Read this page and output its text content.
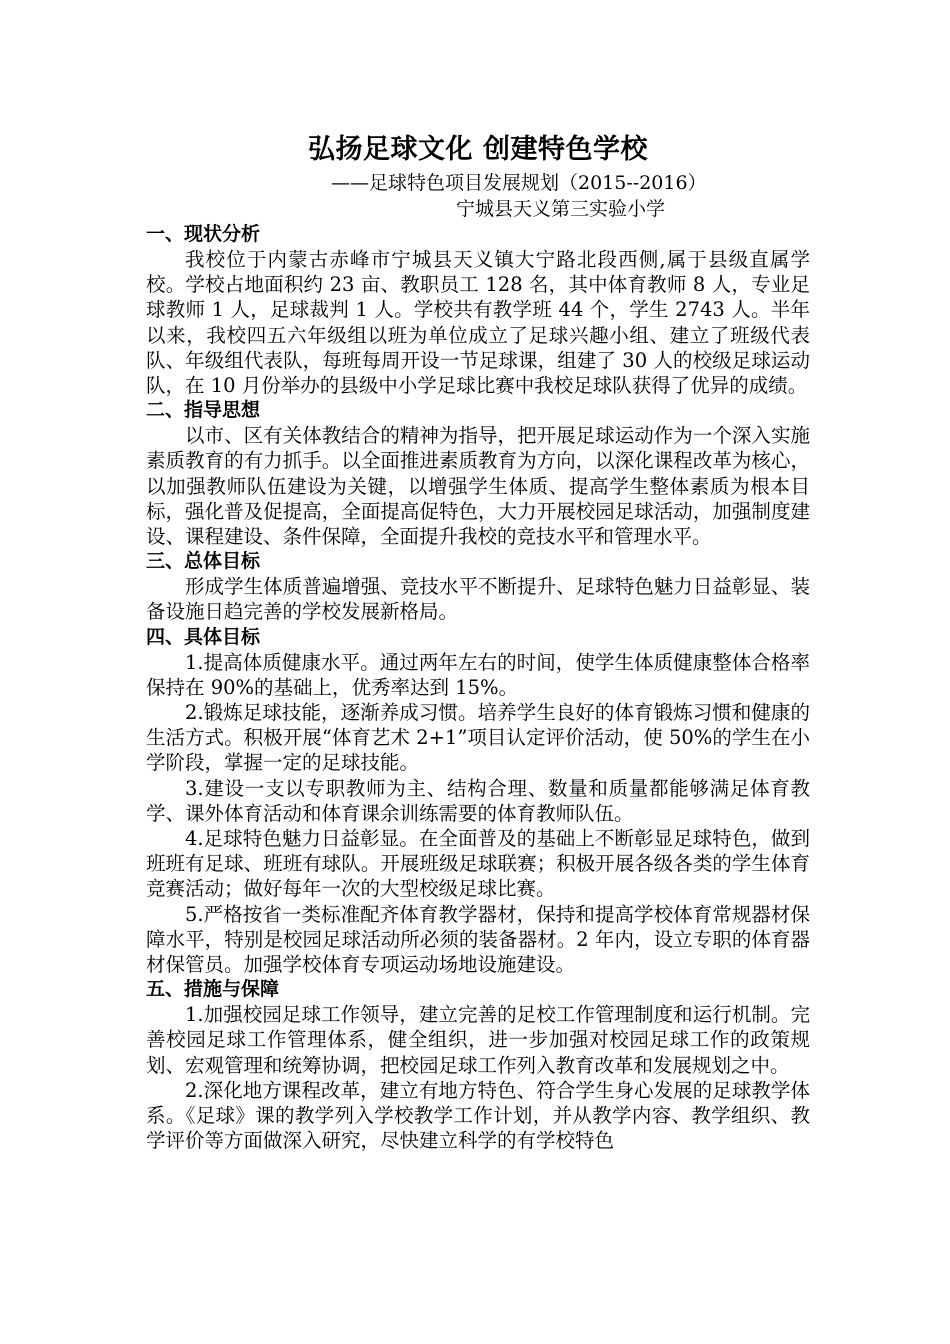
弘扬足球文化 创建特色学校

——足球特色项目发展规划（2015--2016）

宁城县天义第三实验小学

一、现状分析

我校位于内蒙古赤峰市宁城县天义镇大宁路北段西侧,属于县级直属学校。学校占地面积约 23 亩、教职员工 128 名，其中体育教师 8 人，专业足球教师 1 人，足球裁判 1 人。学校共有教学班 44 个，学生 2743 人。半年以来，我校四五六年级组以班为单位成立了足球兴趣小组、建立了班级代表队、年级组代表队，每班每周开设一节足球课，组建了 30 人的校级足球运动队，在 10 月份举办的县级中小学足球比赛中我校足球队获得了优异的成绩。

二、指导思想

以市、区有关体教结合的精神为指导，把开展足球运动作为一个深入实施素质教育的有力抓手。以全面推进素质教育为方向，以深化课程改革为核心，以加强教师队伍建设为关键，以增强学生体质、提高学生整体素质为根本目标，强化普及促提高，全面提高促特色，大力开展校园足球活动，加强制度建设、课程建设、条件保障，全面提升我校的竞技水平和管理水平。

三、总体目标

形成学生体质普遍增强、竞技水平不断提升、足球特色魅力日益彰显、装备设施日趋完善的学校发展新格局。

四、具体目标

1.提高体质健康水平。通过两年左右的时间，使学生体质健康整体合格率保持在 90%的基础上，优秀率达到 15%。

2.锻炼足球技能，逐渐养成习惯。培养学生良好的体育锻炼习惯和健康的生活方式。积极开展“体育艺术 2+1”项目认定评价活动，使 50%的学生在小学阶段，掌握一定的足球技能。

3.建设一支以专职教师为主、结构合理、数量和质量都能够满足体育教学、课外体育活动和体育课余训练需要的体育教师队伍。

4.足球特色魅力日益彰显。在全面普及的基础上不断彰显足球特色，做到班班有足球、班班有球队。开展班级足球联赛；积极开展各级各类的学生体育竞赛活动；做好每年一次的大型校级足球比赛。

5.严格按省一类标准配齐体育教学器材，保持和提高学校体育常规器材保障水平，特别是校园足球活动所必须的装备器材。2 年内，设立专职的体育器材保管员。加强学校体育专项运动场地设施建设。

五、措施与保障

1.加强校园足球工作领导，建立完善的足校工作管理制度和运行机制。完善校园足球工作管理体系，健全组织，进一步加强对校园足球工作的政策规划、宏观管理和统筹协调，把校园足球工作列入教育改革和发展规划之中。

2.深化地方课程改革，建立有地方特色、符合学生身心发展的足球教学体系。《足球》课的教学列入学校教学工作计划，并从教学内容、教学组织、教学评价等方面做深入研究，尽快建立科学的有学校特色
